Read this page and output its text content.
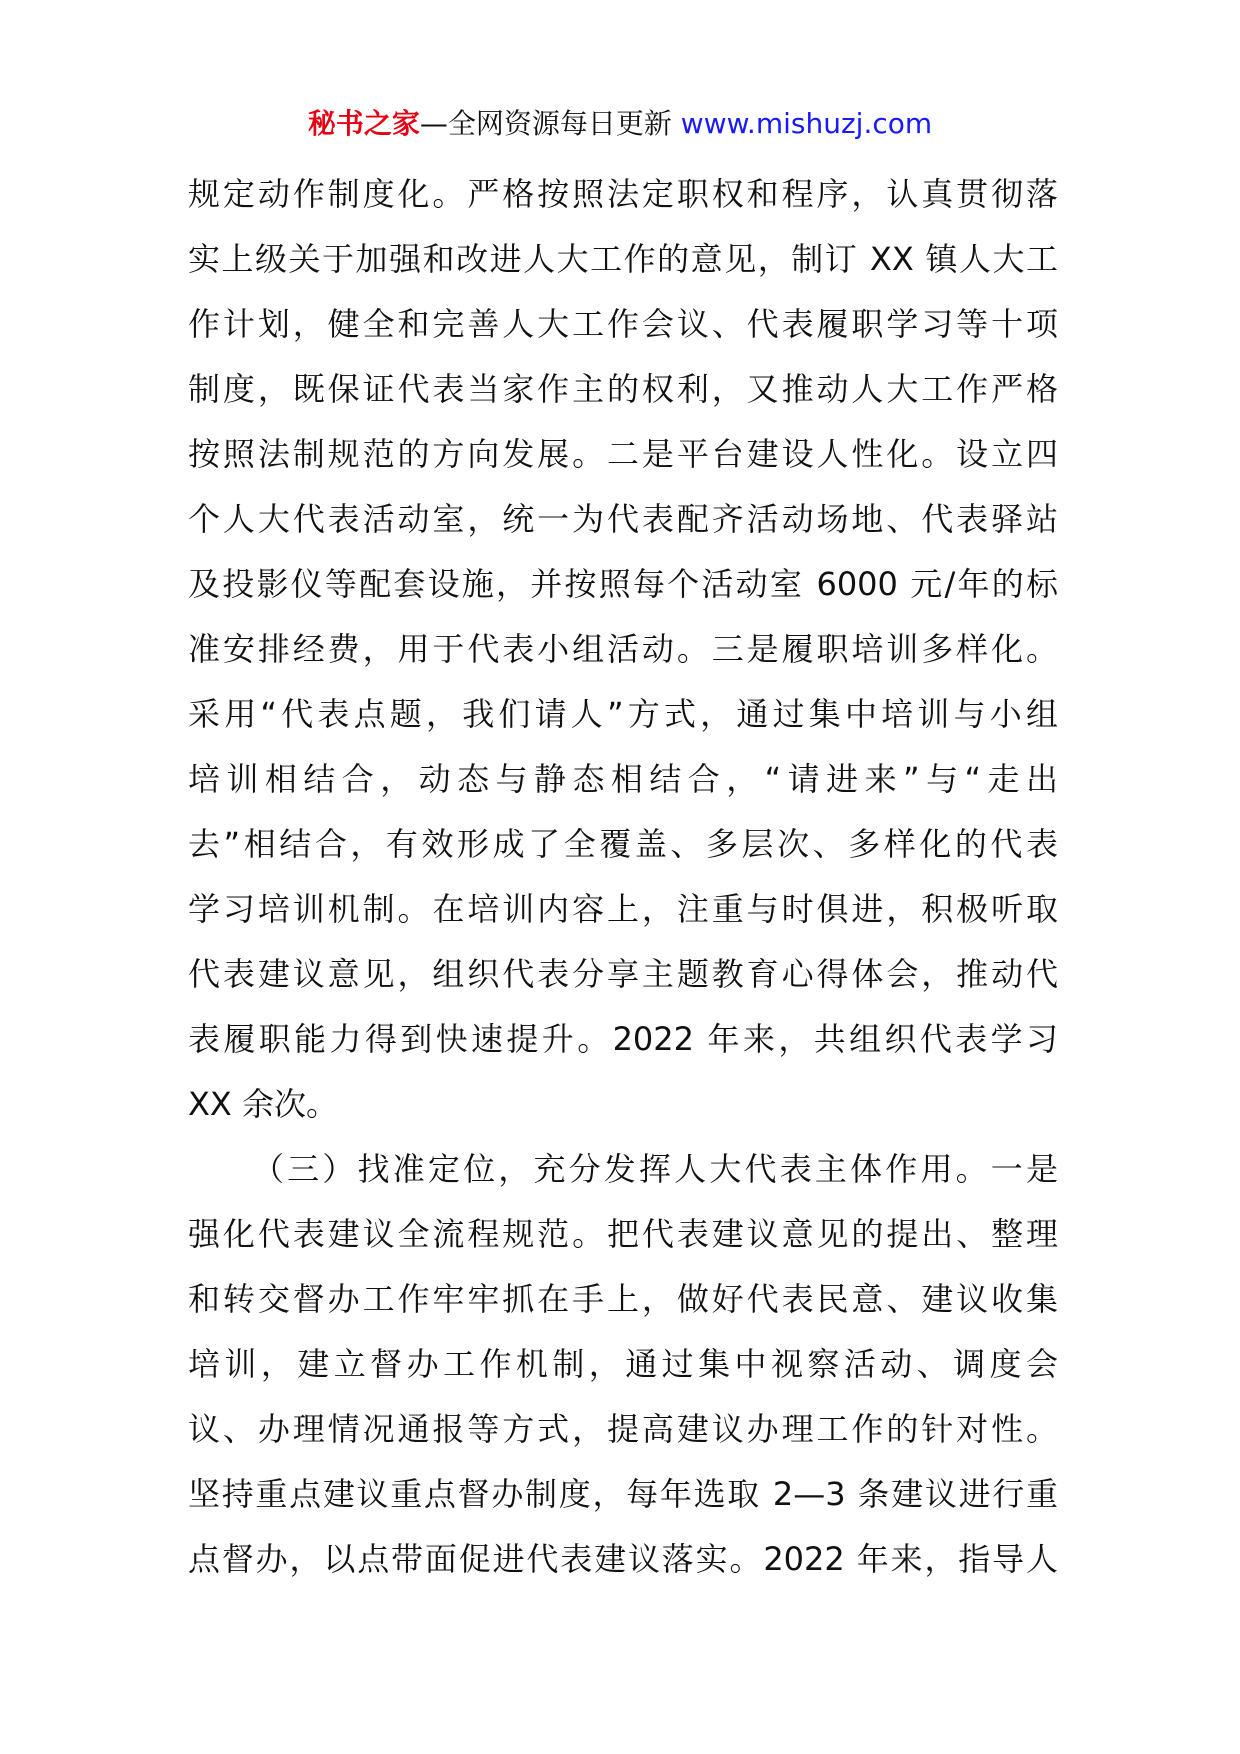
秘书之家—全网资源每日更新 www.mishuzj.com
规定动作制度化。严格按照法定职权和程序，认真贯彻落
实上级关于加强和改进人大工作的意见，制订 XX 镇人大工
作计划，健全和完善人大工作会议、代表履职学习等十项
制度，既保证代表当家作主的权利，又推动人大工作严格
按照法制规范的方向发展。二是平台建设人性化。设立四
个人大代表活动室，统一为代表配齐活动场地、代表驿站
及投影仪等配套设施，并按照每个活动室 6000 元/年的标
准安排经费，用于代表小组活动。三是履职培训多样化。
采用“代表点题，我们请人”方式，通过集中培训与小组
培训相结合，动态与静态相结合，“请进来”与“走出
去”相结合，有效形成了全覆盖、多层次、多样化的代表
学习培训机制。在培训内容上，注重与时俱进，积极听取
代表建议意见，组织代表分享主题教育心得体会，推动代
表履职能力得到快速提升。2022 年来，共组织代表学习
XX 余次。
（三）找准定位，充分发挥人大代表主体作用。一是
强化代表建议全流程规范。把代表建议意见的提出、整理
和转交督办工作牢牢抓在手上，做好代表民意、建议收集
培训，建立督办工作机制，通过集中视察活动、调度会
议、办理情况通报等方式，提高建议办理工作的针对性。
坚持重点建议重点督办制度，每年选取 2—3 条建议进行重
点督办，以点带面促进代表建议落实。2022 年来，指导人
